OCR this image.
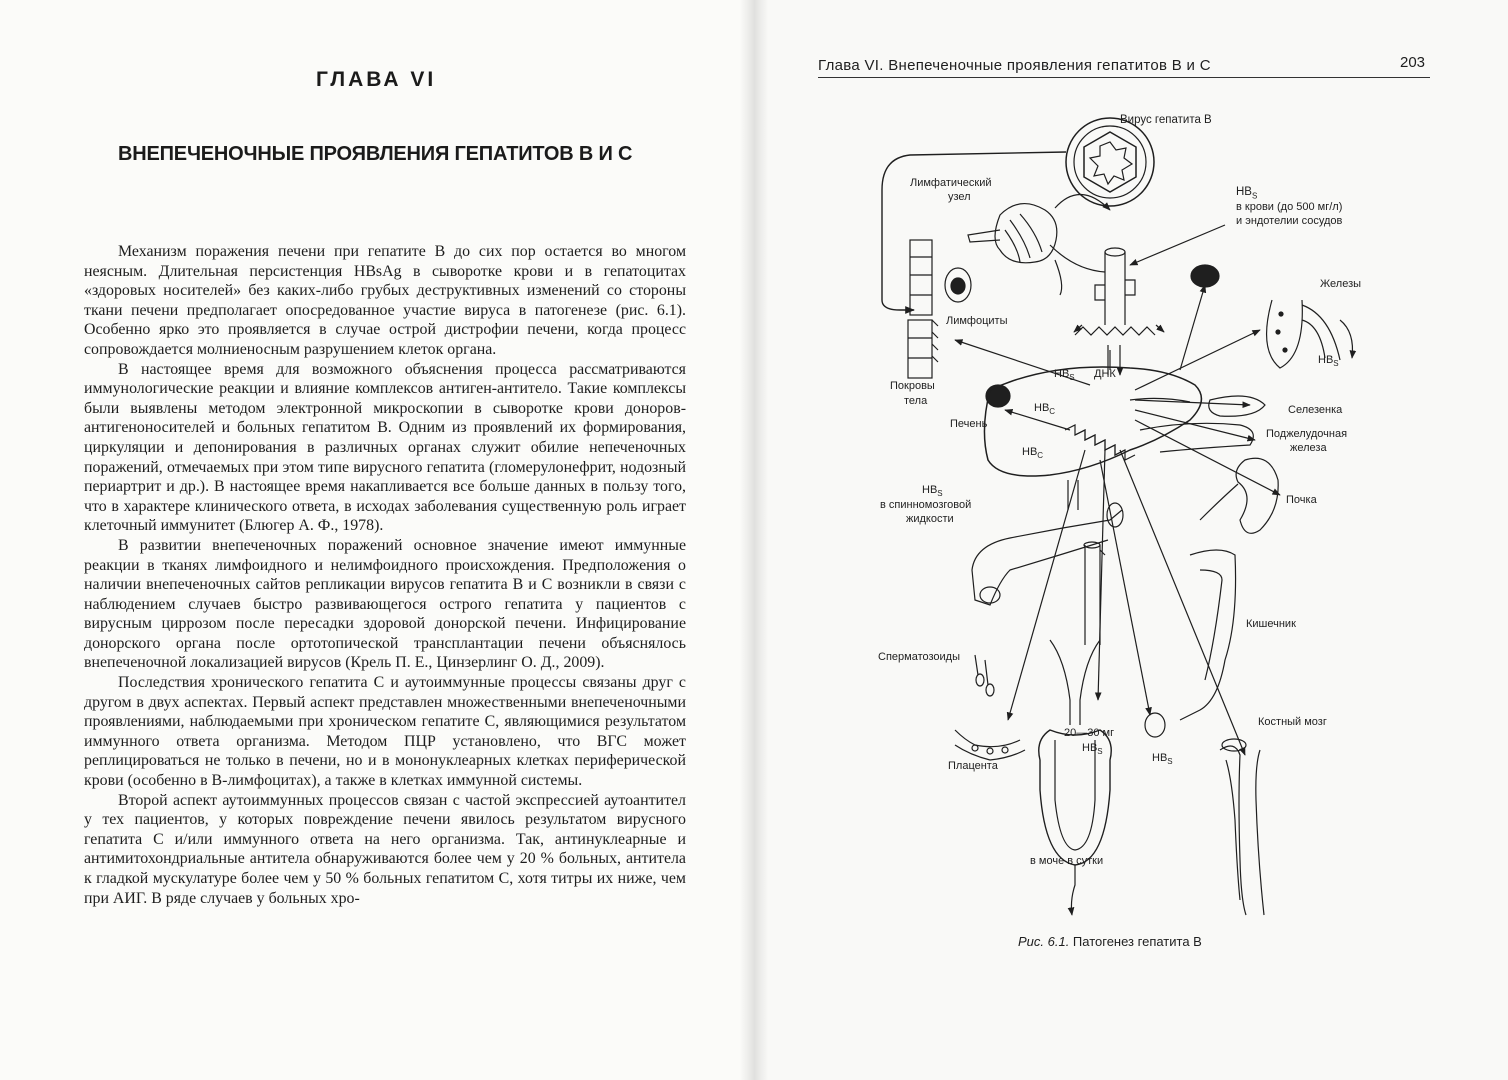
ГЛАВА VI
ВНЕПЕЧЕНОЧНЫЕ ПРОЯВЛЕНИЯ ГЕПАТИТОВ В И С

Механизм поражения печени при гепатите В до сих пор остается во многом неясным. Длительная персистенция HBsAg в сыворотке крови и в гепатоцитах «здоровых носителей» без каких-либо грубых деструктивных изменений со стороны ткани печени предполагает опосредованное участие вируса в патогенезе (рис. 6.1). Особенно ярко это проявляется в случае острой дистрофии печени, когда процесс сопровождается молниеносным разрушением клеток органа.

В настоящее время для возможного объяснения процесса рассматриваются иммунологические реакции и влияние комплексов антиген-антитело. Такие комплексы были выявлены методом электронной микроскопии в сыворотке крови доноров-антигеноносителей и больных гепатитом В. Одним из проявлений их формирования, циркуляции и депонирования в различных органах служит обилие непеченочных поражений, отмечаемых при этом типе вирусного гепатита (гломерулонефрит, нодозный периартрит и др.). В настоящее время накапливается все больше данных в пользу того, что в характере клинического ответа, в исходах заболевания существенную роль играет клеточный иммунитет (Блюгер А. Ф., 1978).

В развитии внепеченочных поражений основное значение имеют иммунные реакции в тканях лимфоидного и нелимфоидного происхождения. Предположения о наличии внепеченочных сайтов репликации вирусов гепатита В и С возникли в связи с наблюдением случаев быстро развивающегося острого гепатита у пациентов с вирусным циррозом после пересадки здоровой донорской печени. Инфицирование донорского органа после ортотопической трансплантации печени объяснялось внепеченочной локализацией вирусов (Крель П. Е., Цинзерлинг О. Д., 2009).

Последствия хронического гепатита С и аутоиммунные процессы связаны друг с другом в двух аспектах. Первый аспект представлен множественными внепеченочными проявлениями, наблюдаемыми при хроническом гепатите С, являющимися результатом иммунного ответа организма. Методом ПЦР установлено, что ВГС может реплицироваться не только в печени, но и в мононуклеарных клетках периферической крови (особенно в В-лимфоцитах), а также в клетках иммунной системы.

Второй аспект аутоиммунных процессов связан с частой экспрессией аутоантител у тех пациентов, у которых повреждение печени явилось результатом вирусного гепатита С и/или иммунного ответа на него организма. Так, антинуклеарные и антимитохондриальные антитела обнаруживаются более чем у 20 % больных, антитела к гладкой мускулатуре более чем у 50 % больных гепатитом С, хотя титры их ниже, чем при АИГ. В ряде случаев у больных хро-

Глава VI. Внепеченочные проявления гепатитов В и С	203
Вирус гепатита В
$HB_S$
в крови (до 500 мг/л)
и эндотелии сосудов
Лимфатический
узел
Лимфоциты
Железы
$HB_S$
Покровы
тела
$HB_S$ ДНК
$HB_C$
$HB_C$
Печень
Селезенка
Поджелудочная
железа
$HB_S$
в спинномозговой
жидкости
Почка
Сперматозоиды
Кишечник
Костный мозг
Плацента
20—30 мг
$HB_S$
$HB_S$
в моче в сутки
Рис. 6.1. Патогенез гепатита В
